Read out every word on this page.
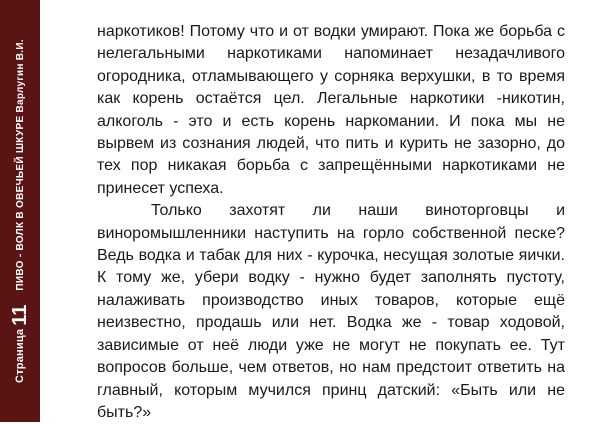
Страница
11
ПИВО - ВОЛК В ОВЕЧЬЕЙ ШКУРЕ Варлугин В.И.

наркотиков! Потому что и от водки умирают. Пока же борьба с нелегальными наркотиками напоминает незадачливого огородника, отламывающего у сорняка верхушки, в то время как корень остаётся цел. Легальные наркотики -никотин, алкоголь - это и есть корень наркомании. И пока мы не вырвем из сознания людей, что пить и курить не зазорно, до тех пор никакая борьба с запрещёнными наркотиками не принесет успеха.

Только захотят ли наши виноторговцы и виноромышленники наступить на горло собственной песке? Ведь водка и табак для них - курочка, несущая золотые яички. К тому же, убери водку - нужно будет заполнять пустоту, налаживать производство иных товаров, которые ещё неизвестно, продашь или нет. Водка же - товар ходовой, зависимые от неё люди уже не могут не покупать ее. Тут вопросов больше, чем ответов, но нам предстоит ответить на главный, которым мучился принц датский: «Быть или не быть?»
